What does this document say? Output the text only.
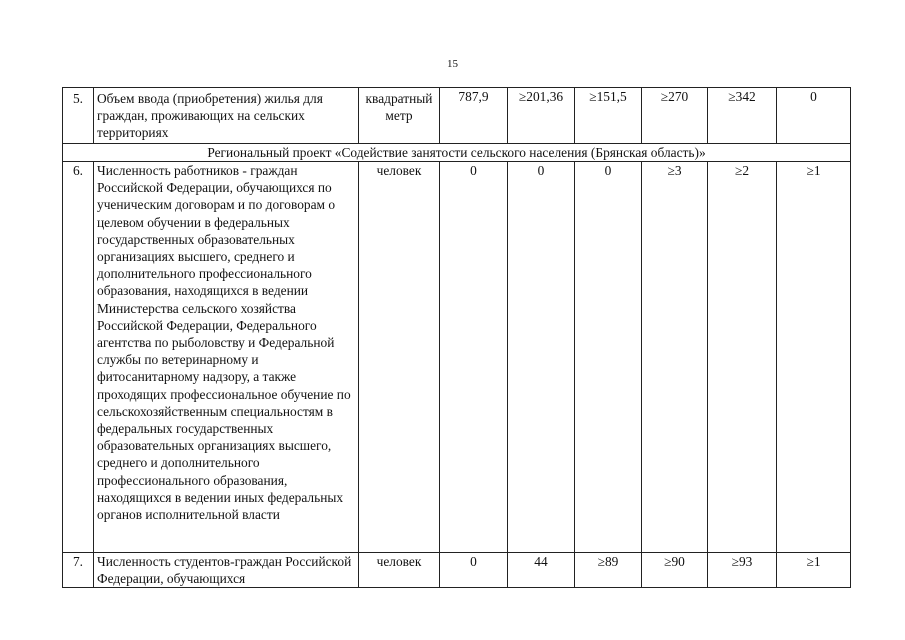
15
5.	Объем ввода (приобретения) жилья для граждан, проживающих на сельских территориях	квадратный метр	787,9	≥201,36	≥151,5	≥270	≥342	0
Региональный проект «Содействие занятости сельского населения (Брянская область)»								
6.	Численность работников - граждан Российской Федерации, обучающихся по ученическим договорам и по договорам о целевом обучении в федеральных государственных образовательных организациях высшего, среднего и дополнительного профессионального образования, находящихся в ведении Министерства сельского хозяйства Российской Федерации, Федерального агентства по рыболовству и Федеральной службы по ветеринарному и фитосанитарному надзору, а также проходящих профессиональное обучение по сельскохозяйственным специальностям в федеральных государственных образовательных организациях высшего, среднего и дополнительного профессионального образования, находящихся в ведении иных федеральных органов исполнительной власти	человек	0	0	0	≥3	≥2	≥1
7.	Численность студентов-граждан Российской Федерации, обучающихся	человек	0	44	≥89	≥90	≥93	≥1
